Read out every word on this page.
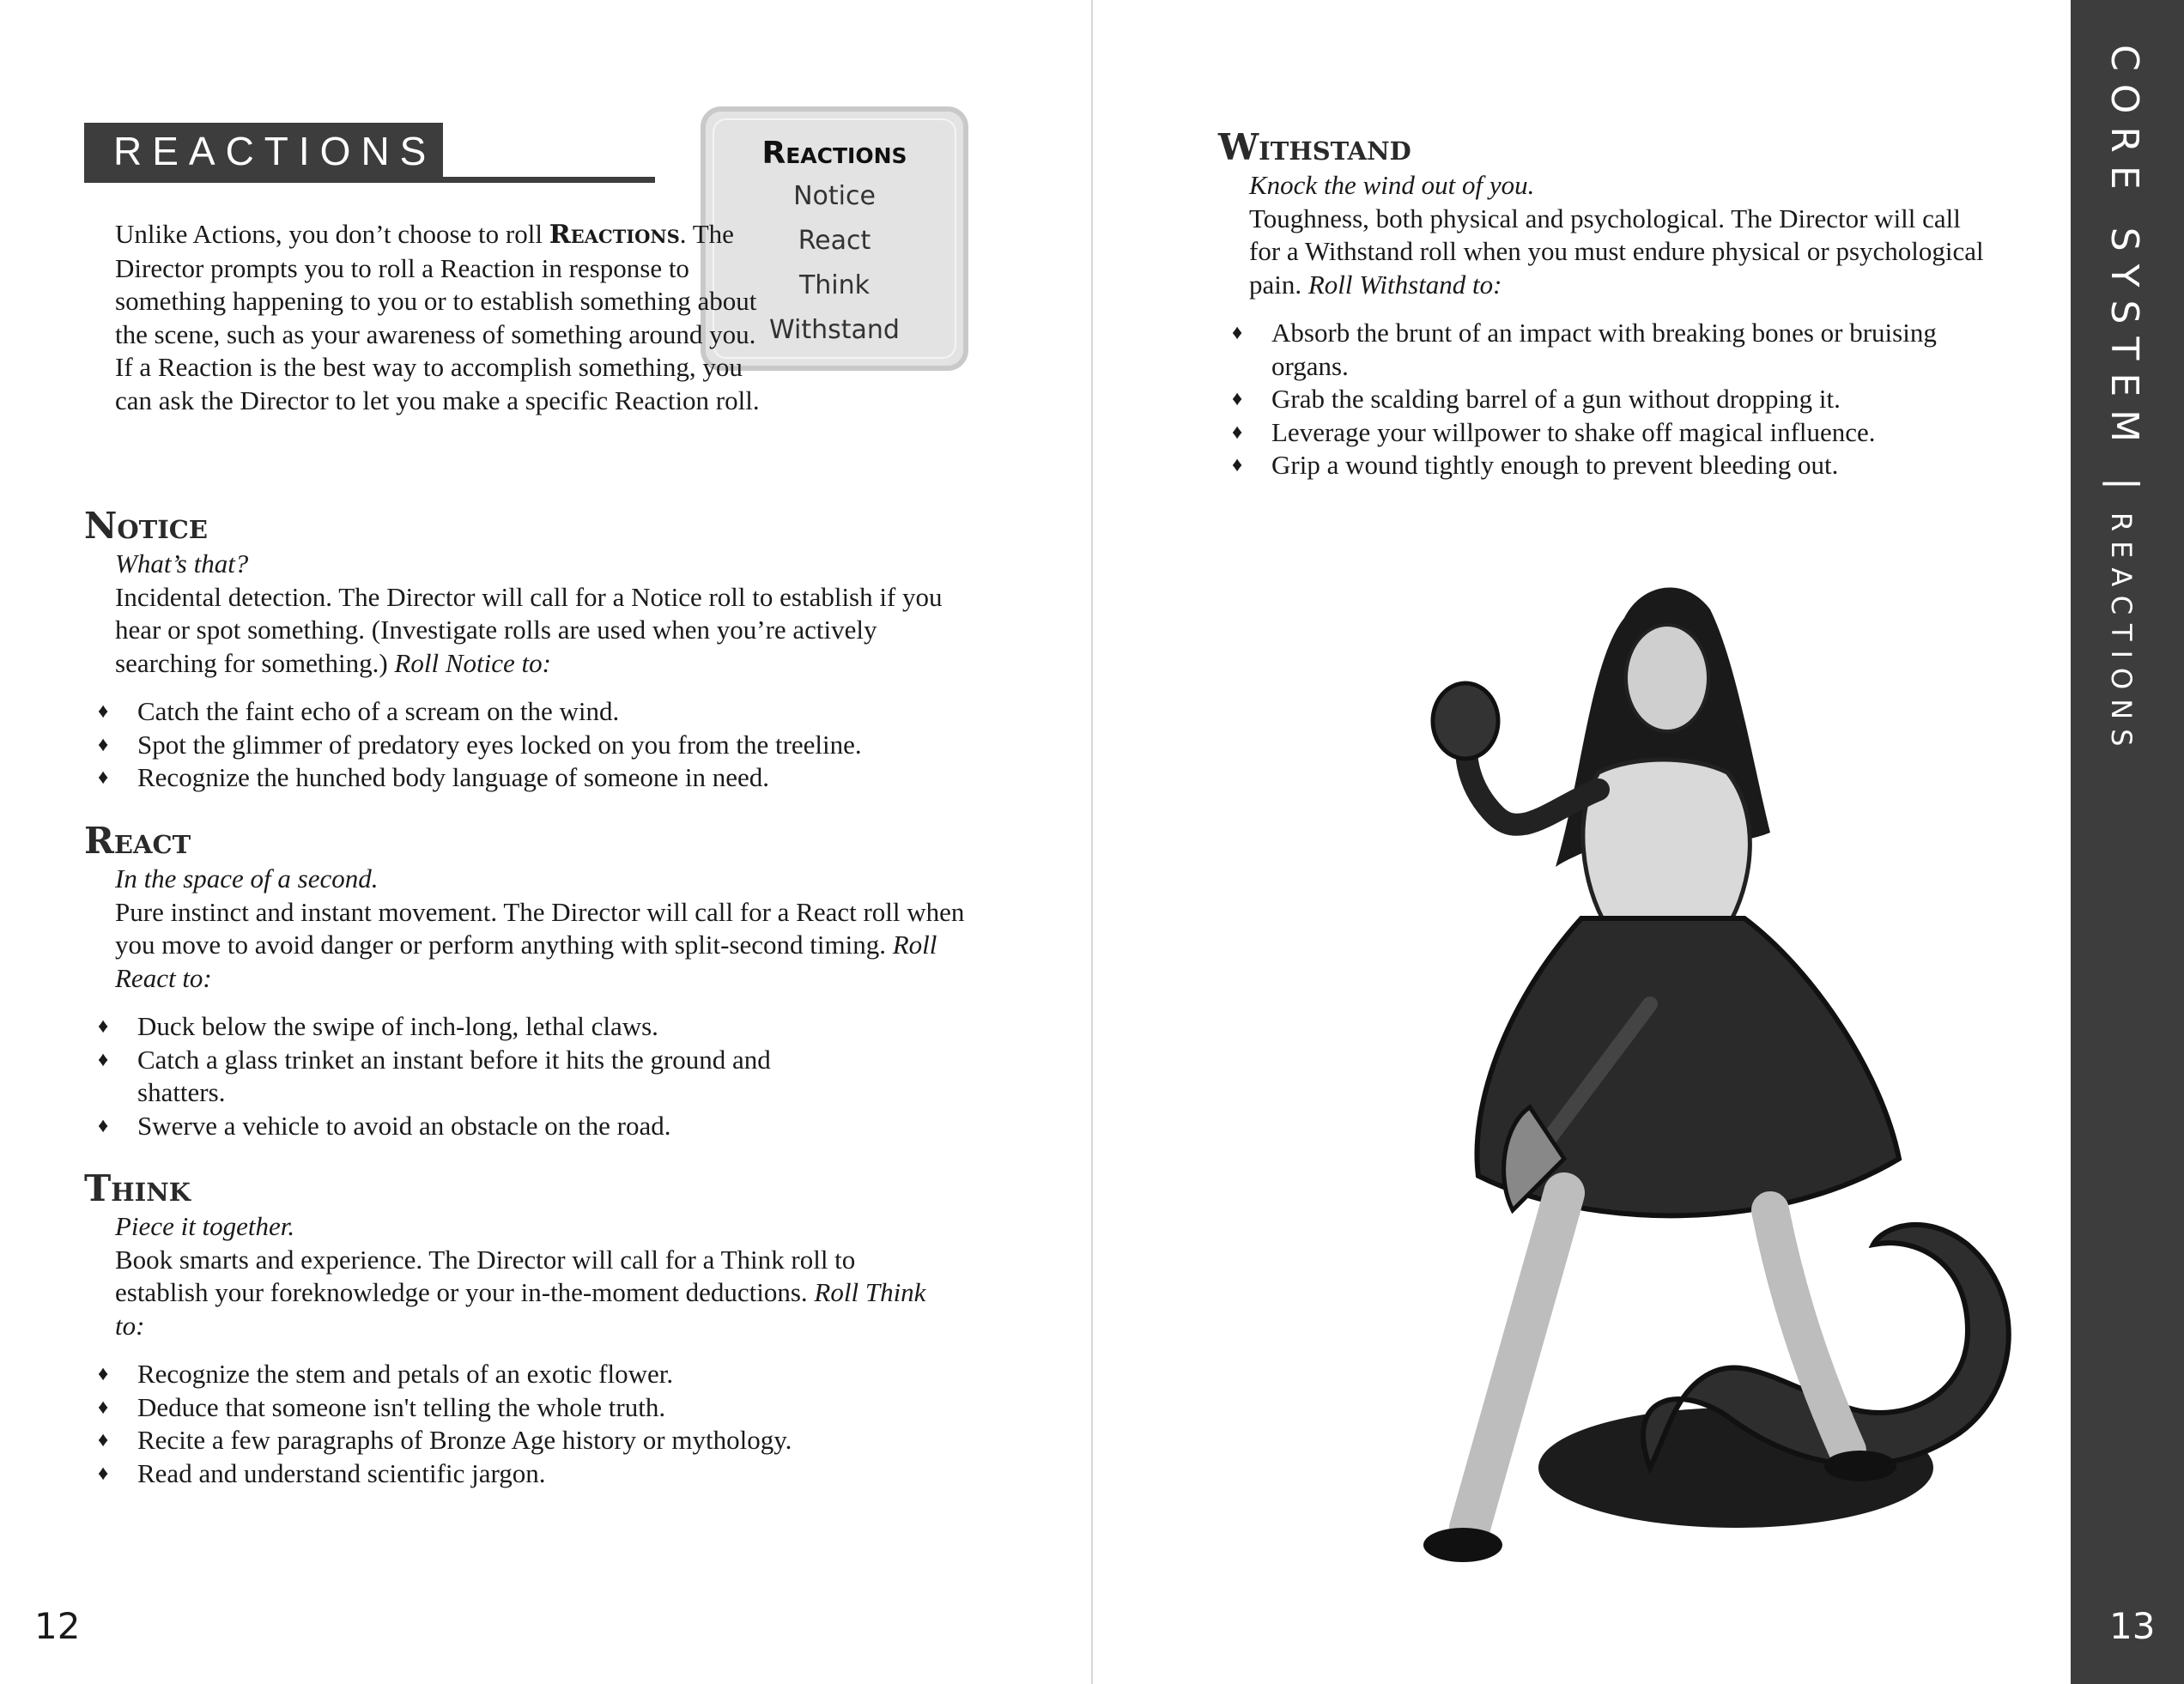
REACTIONS	Reactions
Notice
React
Think
Withstand

Unlike Actions, you don’t choose to roll Reactions. The Director prompts you to roll a Reaction in response to something happening to you or to establish something about the scene, such as your awareness of something around you. If a Reaction is the best way to accomplish something, you can ask the Director to let you make a specific Reaction roll.

Notice

What’s that?

Incidental detection. The Director will call for a Notice roll to establish if you hear or spot something. (Investigate rolls are used when you’re actively searching for something.) Roll Notice to:

♦ Catch the faint echo of a scream on the wind.
♦ Spot the glimmer of predatory eyes locked on you from the treeline.
♦ Recognize the hunched body language of someone in need.
React

In the space of a second.

Pure instinct and instant movement. The Director will call for a React roll when you move to avoid danger or perform anything with split-second timing. Roll React to:

♦ Duck below the swipe of inch-long, lethal claws.
♦ Catch a glass trinket an instant before it hits the ground and shatters.
♦ Swerve a vehicle to avoid an obstacle on the road.
Think

Piece it together.

Book smarts and experience. The Director will call for a Think roll to establish your foreknowledge or your in-the-moment deductions. Roll Think to:

♦ Recognize the stem and petals of an exotic flower.
♦ Deduce that someone isn't telling the whole truth.
♦ Recite a few paragraphs of Bronze Age history or mythology.
♦ Read and understand scientific jargon.
12
Withstand

Knock the wind out of you.

Toughness, both physical and psychological. The Director will call for a Withstand roll when you must endure physical or psychological pain. Roll Withstand to:

♦ Absorb the brunt of an impact with breaking bones or bruising organs.
♦ Grab the scalding barrel of a gun without dropping it.
♦ Leverage your willpower to shake off magical influence.
♦ Grip a wound tightly enough to prevent bleeding out.
CORE SYSTEM|REACTIONS
13
